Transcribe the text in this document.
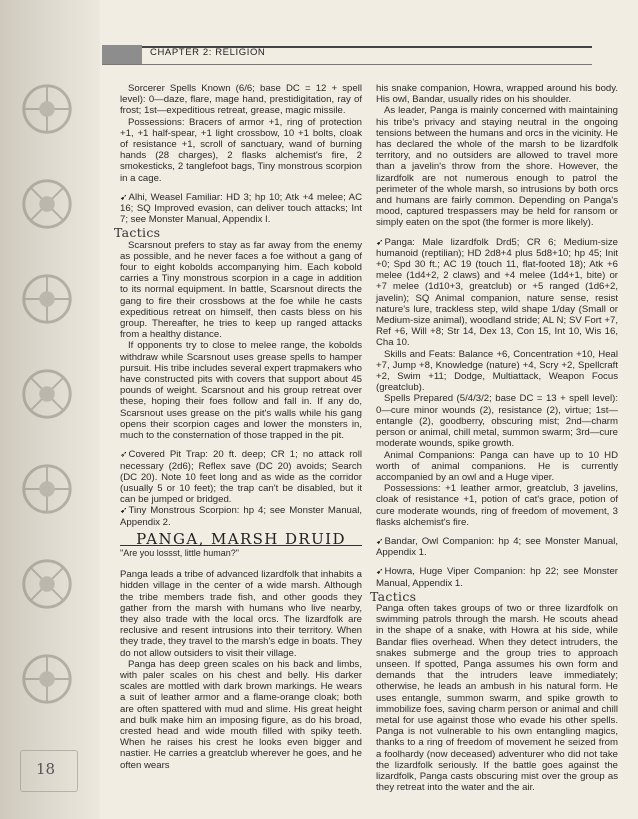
CHAPTER 2: RELIGION
18

Sorcerer Spells Known (6/6; base DC = 12 + spell level): 0—daze, flare, mage hand, prestidigitation, ray of frost; 1st—expeditious retreat, grease, magic missile.

Possessions: Bracers of armor +1, ring of protection +1, +1 half-spear, +1 light crossbow, 10 +1 bolts, cloak of resistance +1, scroll of sanctuary, wand of burning hands (28 charges), 2 flasks alchemist's fire, 2 smokesticks, 2 tanglefoot bags, Tiny monstrous scorpion in a cage.

➹Alhi, Weasel Familiar: HD 3; hp 10; Atk +4 melee; AC 16; SQ Improved evasion, can deliver touch attacks; Int 7; see Monster Manual, Appendix I.

Tactics

Scarsnout prefers to stay as far away from the enemy as possible, and he never faces a foe without a gang of four to eight kobolds accompanying him. Each kobold carries a Tiny monstrous scorpion in a cage in addition to its normal equipment. In battle, Scarsnout directs the gang to fire their crossbows at the foe while he casts expeditious retreat on himself, then casts bless on his group. Thereafter, he tries to keep up ranged attacks from a healthy distance.

If opponents try to close to melee range, the kobolds withdraw while Scarsnout uses grease spells to hamper pursuit. His tribe includes several expert trapmakers who have constructed pits with covers that support about 45 pounds of weight. Scarsnout and his group retreat over these, hoping their foes follow and fall in. If any do, Scarsnout uses grease on the pit's walls while his gang opens their scorpion cages and lower the monsters in, much to the consternation of those trapped in the pit.

➶Covered Pit Trap: 20 ft. deep; CR 1; no attack roll necessary (2d6); Reflex save (DC 20) avoids; Search (DC 20). Note 10 feet long and as wide as the corridor (usually 5 or 10 feet); the trap can't be disabled, but it can be jumped or bridged.

➹Tiny Monstrous Scorpion: hp 4; see Monster Manual, Appendix 2.

PANGA, MARSH DRUID
"Are you lossst, little human?"

Panga leads a tribe of advanced lizardfolk that inhabits a hidden village in the center of a wide marsh. Although the tribe members trade fish, and other goods they gather from the marsh with humans who live nearby, they also trade with the local orcs. The lizardfolk are reclusive and resent intrusions into their territory. When they trade, they travel to the marsh's edge in boats. They do not allow outsiders to visit their village.

Panga has deep green scales on his back and limbs, with paler scales on his chest and belly. His darker scales are mottled with dark brown markings. He wears a suit of leather armor and a flame-orange cloak; both are often spattered with mud and slime. His great height and bulk make him an imposing figure, as do his broad, crested head and wide mouth filled with spiky teeth. When he raises his crest he looks even bigger and nastier. He carries a greatclub wherever he goes, and he often wears

his snake companion, Howra, wrapped around his body. His owl, Bandar, usually rides on his shoulder.

As leader, Panga is mainly concerned with maintaining his tribe's privacy and staying neutral in the ongoing tensions between the humans and orcs in the vicinity. He has declared the whole of the marsh to be lizardfolk territory, and no outsiders are allowed to travel more than a javelin's throw from the shore. However, the lizardfolk are not numerous enough to patrol the perimeter of the whole marsh, so intrusions by both orcs and humans are fairly common. Depending on Panga's mood, captured trespassers may be held for ransom or simply eaten on the spot (the former is more likely).

➹Panga: Male lizardfolk Drd5; CR 6; Medium-size humanoid (reptilian); HD 2d8+4 plus 5d8+10; hp 45; Init +0; Spd 30 ft.; AC 19 (touch 11, flat-footed 18); Atk +6 melee (1d4+2, 2 claws) and +4 melee (1d4+1, bite) or +7 melee (1d10+3, greatclub) or +5 ranged (1d6+2, javelin); SQ Animal companion, nature sense, resist nature's lure, trackless step, wild shape 1/day (Small or Medium-size animal), woodland stride; AL N; SV Fort +7, Ref +6, Will +8; Str 14, Dex 13, Con 15, Int 10, Wis 16, Cha 10.

Skills and Feats: Balance +6, Concentration +10, Heal +7, Jump +8, Knowledge (nature) +4, Scry +2, Spellcraft +2, Swim +11; Dodge, Multiattack, Weapon Focus (greatclub).

Spells Prepared (5/4/3/2; base DC = 13 + spell level): 0—cure minor wounds (2), resistance (2), virtue; 1st—entangle (2), goodberry, obscuring mist; 2nd—charm person or animal, chill metal, summon swarm; 3rd—cure moderate wounds, spike growth.

Animal Companions: Panga can have up to 10 HD worth of animal companions. He is currently accompanied by an owl and a Huge viper.

Possessions: +1 leather armor, greatclub, 3 javelins, cloak of resistance +1, potion of cat's grace, potion of cure moderate wounds, ring of freedom of movement, 3 flasks alchemist's fire.

➹Bandar, Owl Companion: hp 4; see Monster Manual, Appendix 1.

➹Howra, Huge Viper Companion: hp 22; see Monster Manual, Appendix 1.

Tactics

Panga often takes groups of two or three lizardfolk on swimming patrols through the marsh. He scouts ahead in the shape of a snake, with Howra at his side, while Bandar flies overhead. When they detect intruders, the snakes submerge and the group tries to approach unseen. If spotted, Panga assumes his own form and demands that the intruders leave immediately; otherwise, he leads an ambush in his natural form. He uses entangle, summon swarm, and spike growth to immobilize foes, saving charm person or animal and chill metal for use against those who evade his other spells. Panga is not vulnerable to his own entangling magics, thanks to a ring of freedom of movement he seized from a foolhardy (now deceased) adventurer who did not take the lizardfolk seriously. If the battle goes against the lizardfolk, Panga casts obscuring mist over the group as they retreat into the water and the air.
